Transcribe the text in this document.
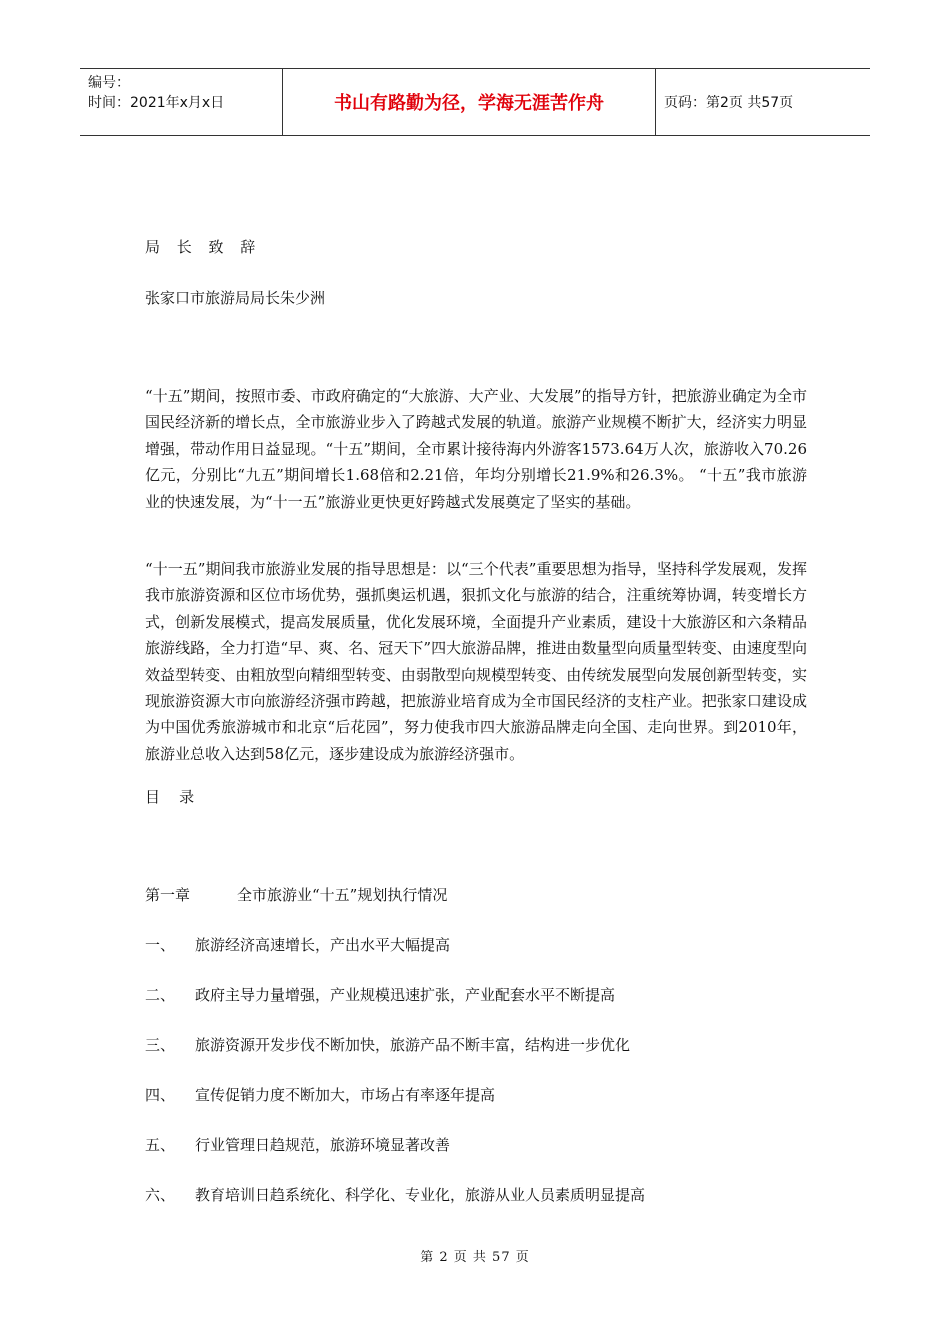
编号：
时间：2021年x月x日	书山有路勤为径，学海无涯苦作舟	页码：第2页 共57页
局 长 致 辞
张家口市旅游局局长朱少洲

“十五”期间，按照市委、市政府确定的“大旅游、大产业、大发展”的指导方针，把旅游业确定为全市国民经济新的增长点，全市旅游业步入了跨越式发展的轨道。旅游产业规模不断扩大，经济实力明显增强，带动作用日益显现。“十五”期间，全市累计接待海内外游客1573.64万人次，旅游收入70.26亿元，分别比“九五”期间增长1.68倍和2.21倍，年均分别增长21.9%和26.3%。 “十五”我市旅游业的快速发展，为“十一五”旅游业更快更好跨越式发展奠定了坚实的基础。

“十一五”期间我市旅游业发展的指导思想是：以“三个代表”重要思想为指导，坚持科学发展观，发挥我市旅游资源和区位市场优势，强抓奥运机遇，狠抓文化与旅游的结合，注重统筹协调，转变增长方式，创新发展模式，提高发展质量，优化发展环境，全面提升产业素质，建设十大旅游区和六条精品旅游线路，全力打造“早、爽、名、冠天下”四大旅游品牌，推进由数量型向质量型转变、由速度型向效益型转变、由粗放型向精细型转变、由弱散型向规模型转变、由传统发展型向发展创新型转变，实现旅游资源大市向旅游经济强市跨越，把旅游业培育成为全市国民经济的支柱产业。把张家口建设成为中国优秀旅游城市和北京“后花园”，努力使我市四大旅游品牌走向全国、走向世界。到2010年，旅游业总收入达到58亿元，逐步建设成为旅游经济强市。

目    录
第一章	全市旅游业“十五”规划执行情况
一、 旅游经济高速增长，产出水平大幅提高
二、 政府主导力量增强，产业规模迅速扩张，产业配套水平不断提高
三、 旅游资源开发步伐不断加快，旅游产品不断丰富，结构进一步优化
四、 宣传促销力度不断加大，市场占有率逐年提高
五、 行业管理日趋规范，旅游环境显著改善
六、 教育培训日趋系统化、科学化、专业化，旅游从业人员素质明显提高
第 2 页 共 57 页
